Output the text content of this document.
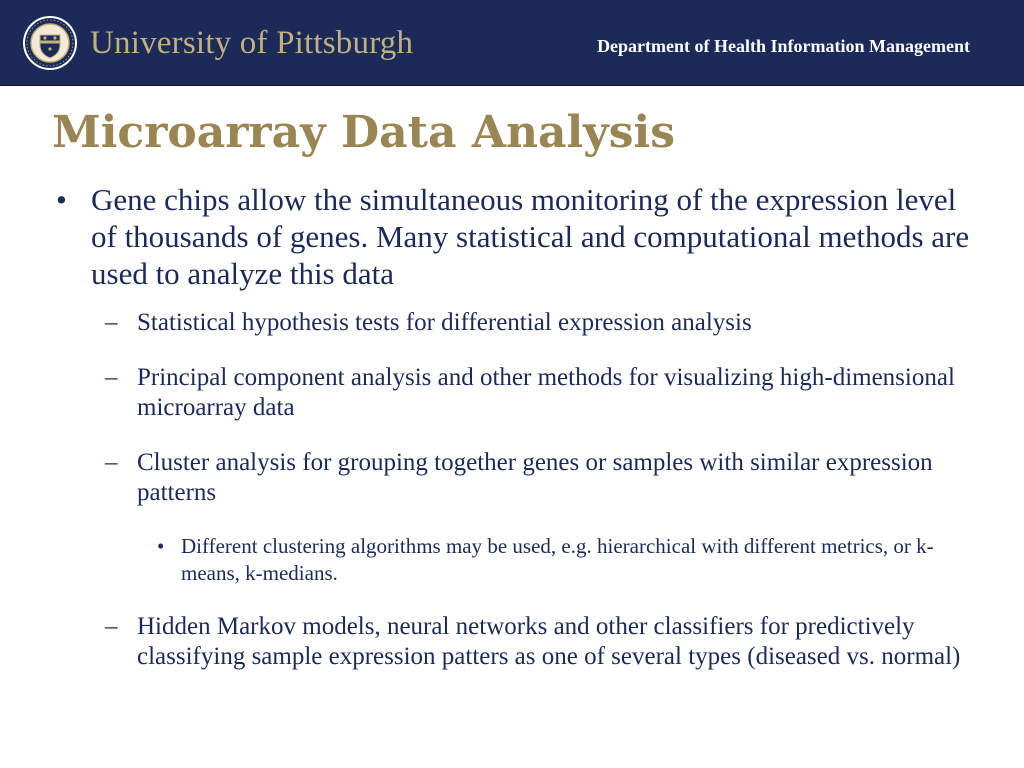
University of Pittsburgh	Department of Health Information Management
Microarray Data Analysis
• Gene chips allow the simultaneous monitoring of the expression level of thousands of genes. Many statistical and computational methods are used to analyze this data
– Statistical hypothesis tests for differential expression analysis
– Principal component analysis and other methods for visualizing high-dimensional microarray data
– Cluster analysis for grouping together genes or samples with similar expression patterns
• Different clustering algorithms may be used, e.g. hierarchical with different metrics, or k-means, k-medians.
– Hidden Markov models, neural networks and other classifiers for predictively classifying sample expression patters as one of several types (diseased vs. normal)
